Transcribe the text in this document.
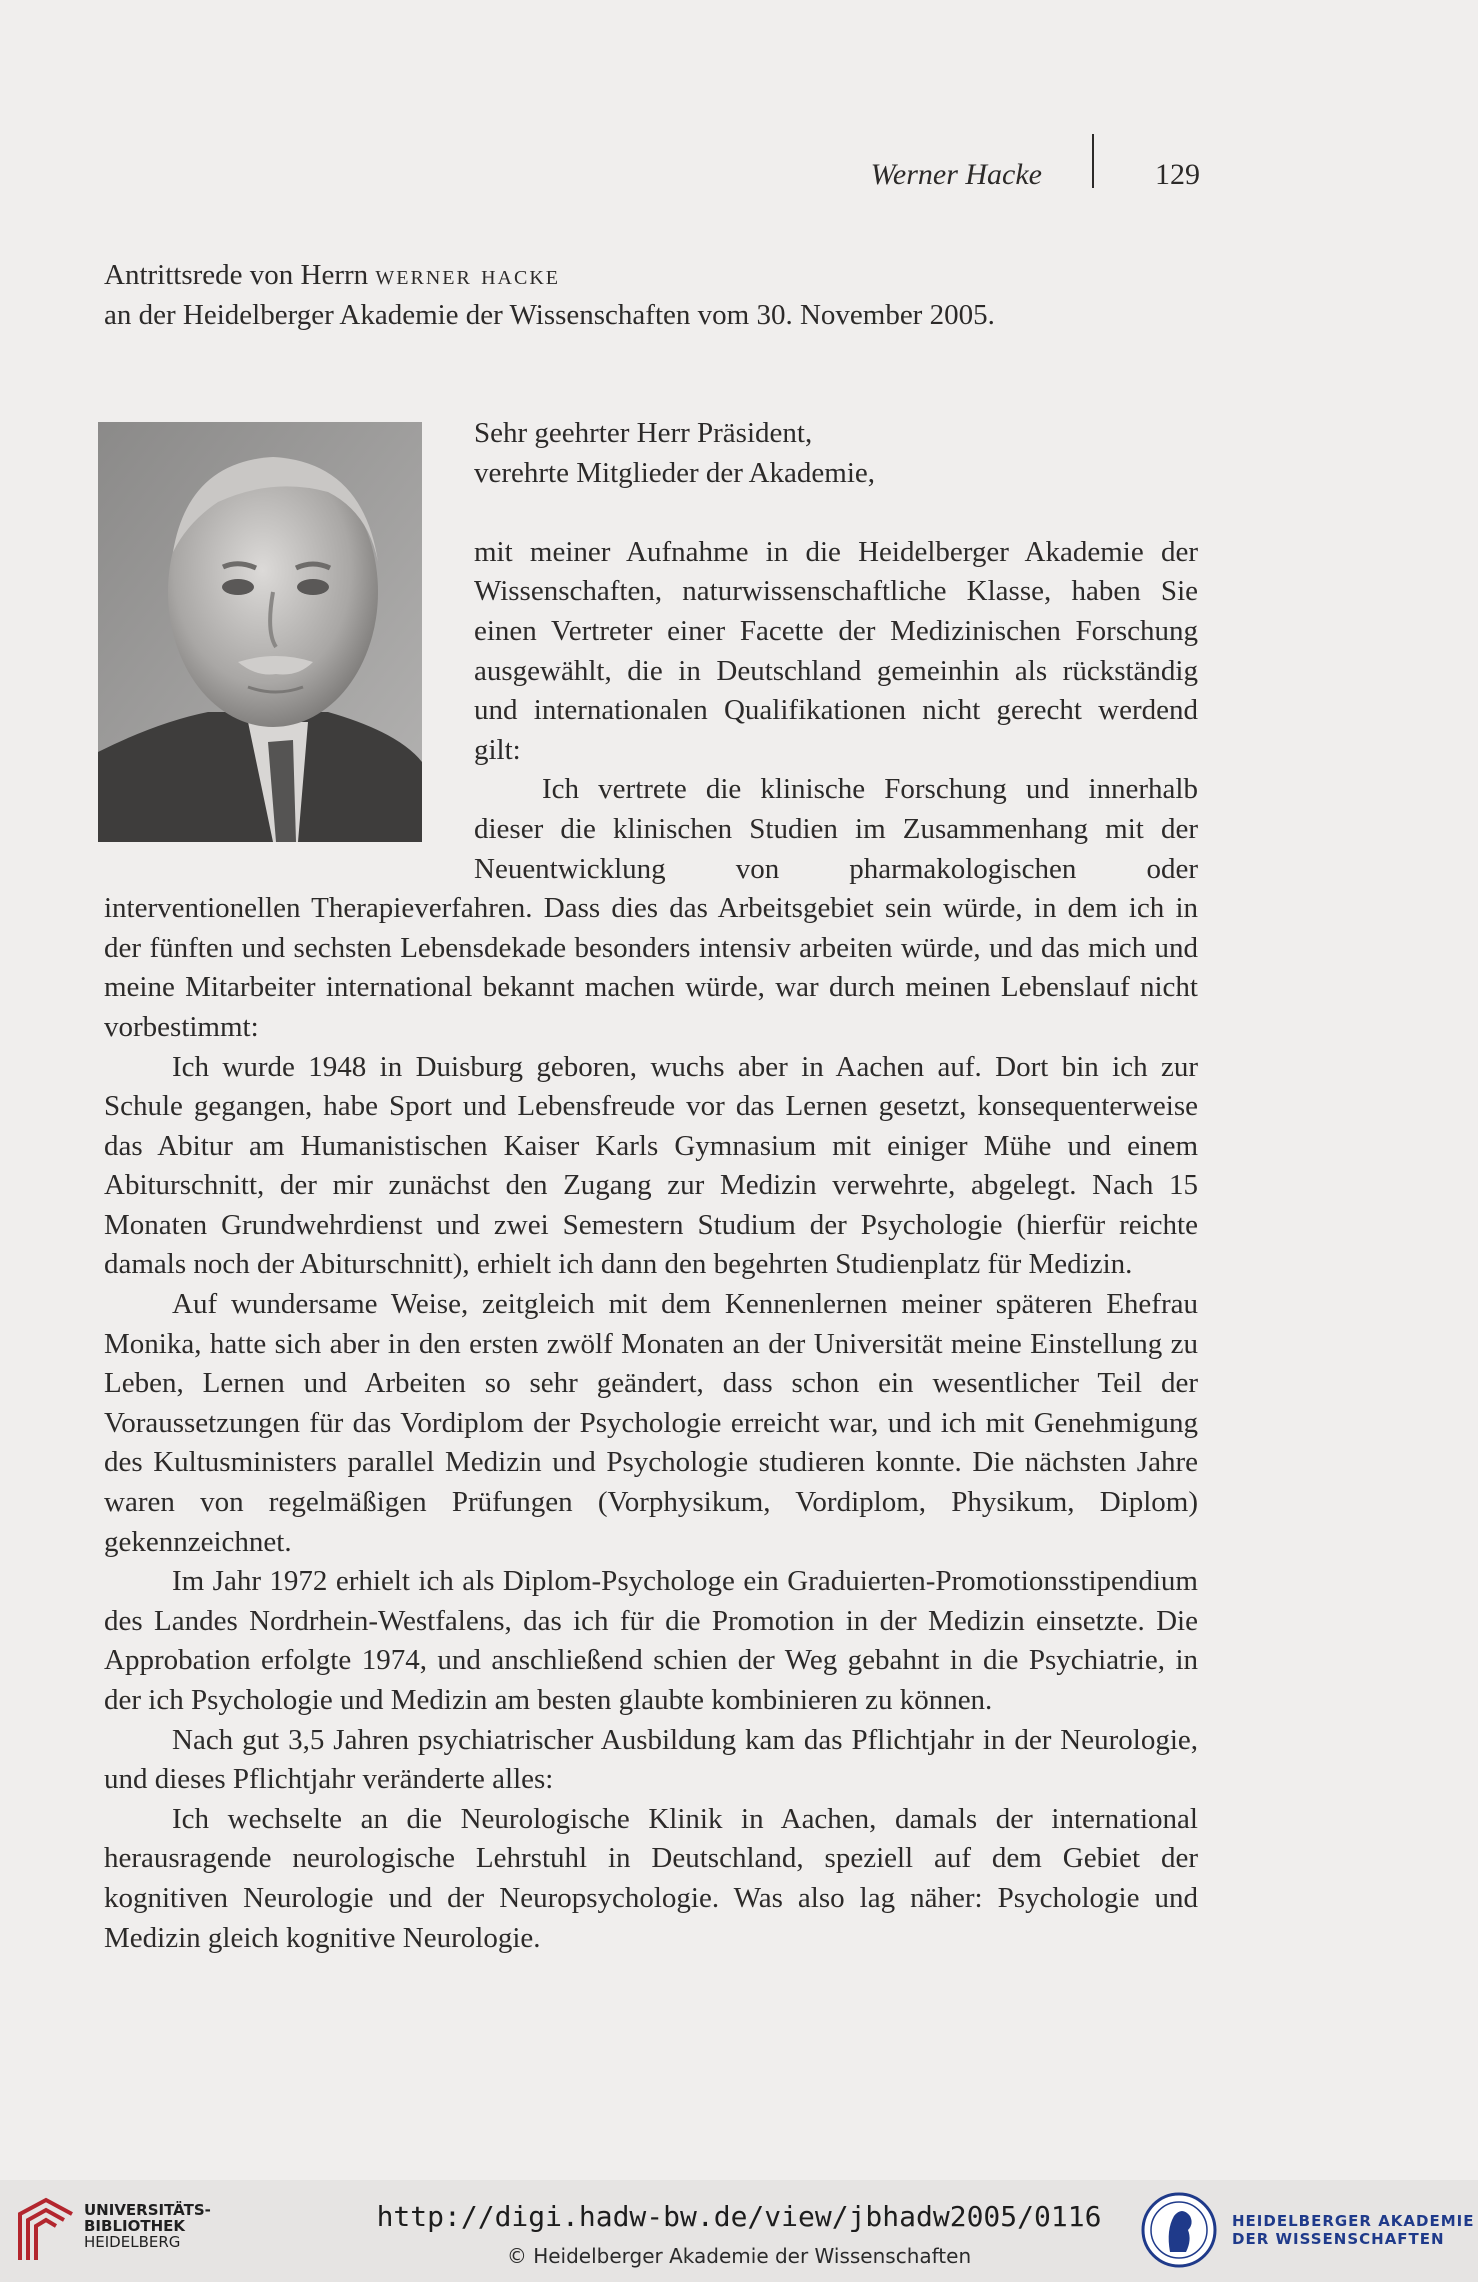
Werner Hacke	129
Antrittsrede von Herrn werner hacke
an der Heidelberger Akademie der Wissenschaften vom 30. November 2005.

Sehr geehrter Herr Präsident,

verehrte Mitglieder der Akademie,

mit meiner Aufnahme in die Heidelberger Akademie der Wissenschaften, naturwissenschaftliche Klasse, haben Sie einen Vertreter einer Facette der Medizinischen Forschung ausgewählt, die in Deutschland gemeinhin als rückständig und internationalen Qualifikationen nicht gerecht werdend gilt:

Ich vertrete die klinische Forschung und innerhalb dieser die klinischen Studien im Zusammenhang mit der Neuentwicklung von pharmakologischen oder interventionellen Therapieverfahren. Dass dies das Arbeitsgebiet sein würde, in dem ich in der fünften und sechsten Lebensdekade besonders intensiv arbeiten würde, und das mich und meine Mitarbeiter international bekannt machen würde, war durch meinen Lebenslauf nicht vorbestimmt:

Ich wurde 1948 in Duisburg geboren, wuchs aber in Aachen auf. Dort bin ich zur Schule gegangen, habe Sport und Lebensfreude vor das Lernen gesetzt, konsequenterweise das Abitur am Humanistischen Kaiser Karls Gymnasium mit einiger Mühe und einem Abiturschnitt, der mir zunächst den Zugang zur Medizin verwehrte, abgelegt. Nach 15 Monaten Grundwehrdienst und zwei Semestern Studium der Psychologie (hierfür reichte damals noch der Abiturschnitt), erhielt ich dann den begehrten Studienplatz für Medizin.

Auf wundersame Weise, zeitgleich mit dem Kennenlernen meiner späteren Ehefrau Monika, hatte sich aber in den ersten zwölf Monaten an der Universität meine Einstellung zu Leben, Lernen und Arbeiten so sehr geändert, dass schon ein wesentlicher Teil der Voraussetzungen für das Vordiplom der Psychologie erreicht war, und ich mit Genehmigung des Kultusministers parallel Medizin und Psychologie studieren konnte. Die nächsten Jahre waren von regelmäßigen Prüfungen (Vorphysikum, Vordiplom, Physikum, Diplom) gekennzeichnet.

Im Jahr 1972 erhielt ich als Diplom-Psychologe ein Graduierten-Promotionsstipendium des Landes Nordrhein-Westfalens, das ich für die Promotion in der Medizin einsetzte. Die Approbation erfolgte 1974, und anschließend schien der Weg gebahnt in die Psychiatrie, in der ich Psychologie und Medizin am besten glaubte kombinieren zu können.

Nach gut 3,5 Jahren psychiatrischer Ausbildung kam das Pflichtjahr in der Neurologie, und dieses Pflichtjahr veränderte alles:

Ich wechselte an die Neurologische Klinik in Aachen, damals der international herausragende neurologische Lehrstuhl in Deutschland, speziell auf dem Gebiet der kognitiven Neurologie und der Neuropsychologie. Was also lag näher: Psychologie und Medizin gleich kognitive Neurologie.

UNIVERSITÄTS-
BIBLIOTHEK
HEIDELBERG
http://digi.hadw-bw.de/view/jbhadw2005/0116
© Heidelberger Akademie der Wissenschaften
HEIDELBERGER AKADEMIE
DER WISSENSCHAFTEN
